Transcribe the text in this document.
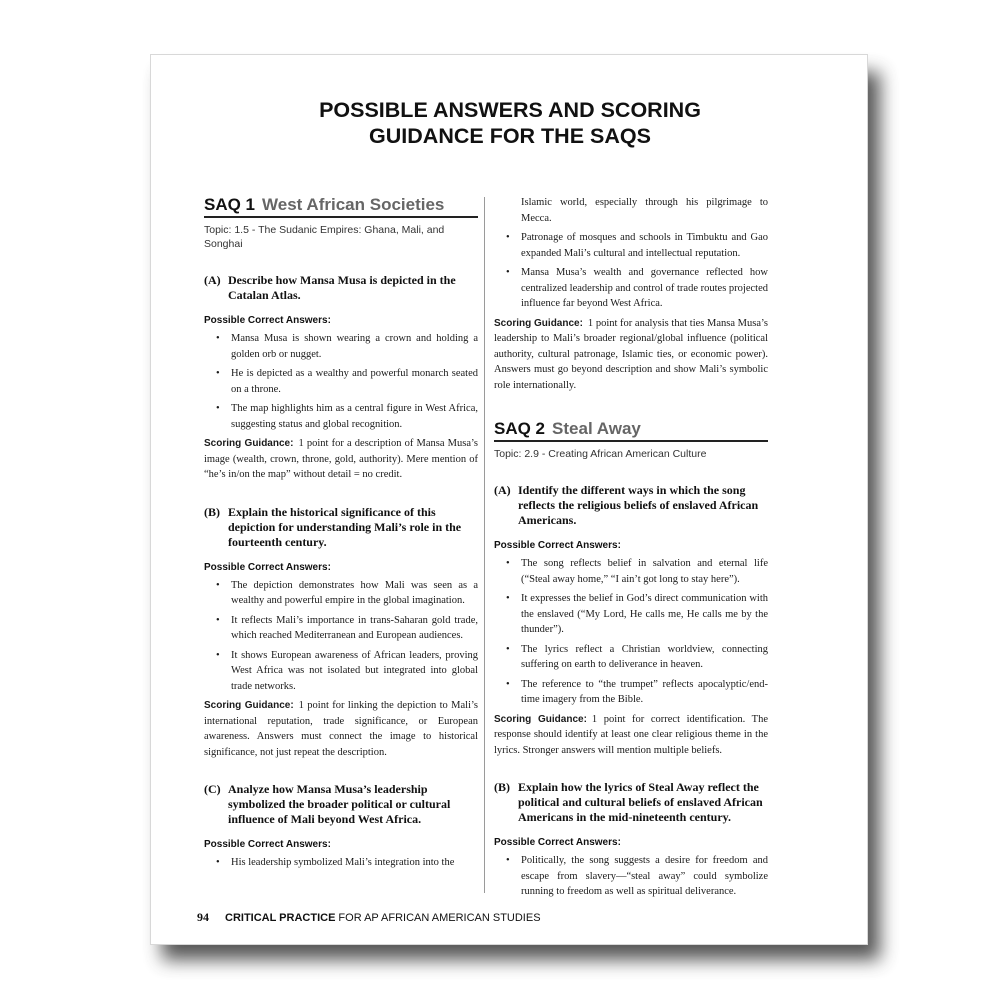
POSSIBLE ANSWERS AND SCORING
GUIDANCE FOR THE SAQS
SAQ 1 West African Societies

Topic: 1.5 - The Sudanic Empires: Ghana, Mali, and Songhai

(A) Describe how Mansa Musa is depicted in the Catalan Atlas.
Possible Correct Answers:
• Mansa Musa is shown wearing a crown and holding a golden orb or nugget.
• He is depicted as a wealthy and powerful monarch seated on a throne.
• The map highlights him as a central figure in West Africa, suggesting status and global recognition.

Scoring Guidance: 1 point for a description of Mansa Musa’s image (wealth, crown, throne, gold, authority). Mere mention of “he’s in/on the map” without detail = no credit.

(B) Explain the historical significance of this depiction for understanding Mali’s role in the fourteenth century.
Possible Correct Answers:
• The depiction demonstrates how Mali was seen as a wealthy and powerful empire in the global imagination.
• It reflects Mali’s importance in trans-Saharan gold trade, which reached Mediterranean and European audiences.
• It shows European awareness of African leaders, proving West Africa was not isolated but integrated into global trade networks.

Scoring Guidance: 1 point for linking the depiction to Mali’s international reputation, trade significance, or European awareness. Answers must connect the image to historical significance, not just repeat the description.

(C) Analyze how Mansa Musa’s leadership symbolized the broader political or cultural influence of Mali beyond West Africa.
Possible Correct Answers:
• His leadership symbolized Mali’s integration into the
Islamic world, especially through his pilgrimage to Mecca.
• Patronage of mosques and schools in Timbuktu and Gao expanded Mali’s cultural and intellectual reputation.
• Mansa Musa’s wealth and governance reflected how centralized leadership and control of trade routes projected influence far beyond West Africa.

Scoring Guidance: 1 point for analysis that ties Mansa Musa’s leadership to Mali’s broader regional/global influence (political authority, cultural patronage, Islamic ties, or economic power). Answers must go beyond description and show Mali’s symbolic role internationally.

SAQ 2 Steal Away

Topic: 2.9 - Creating African American Culture

(A) Identify the different ways in which the song reflects the religious beliefs of enslaved African Americans.
Possible Correct Answers:
• The song reflects belief in salvation and eternal life (“Steal away home,” “I ain’t got long to stay here”).
• It expresses the belief in God’s direct communication with the enslaved (“My Lord, He calls me, He calls me by the thunder”).
• The lyrics reflect a Christian worldview, connecting suffering on earth to deliverance in heaven.
• The reference to “the trumpet” reflects apocalyptic/end-time imagery from the Bible.

Scoring Guidance: 1 point for correct identification. The response should identify at least one clear religious theme in the lyrics. Stronger answers will mention multiple beliefs.

(B) Explain how the lyrics of Steal Away reflect the political and cultural beliefs of enslaved African Americans in the mid-nineteenth century.
Possible Correct Answers:
• Politically, the song suggests a desire for freedom and escape from slavery—“steal away” could symbolize running to freedom as well as spiritual deliverance.
94 CRITICAL PRACTICE FOR AP AFRICAN AMERICAN STUDIES
